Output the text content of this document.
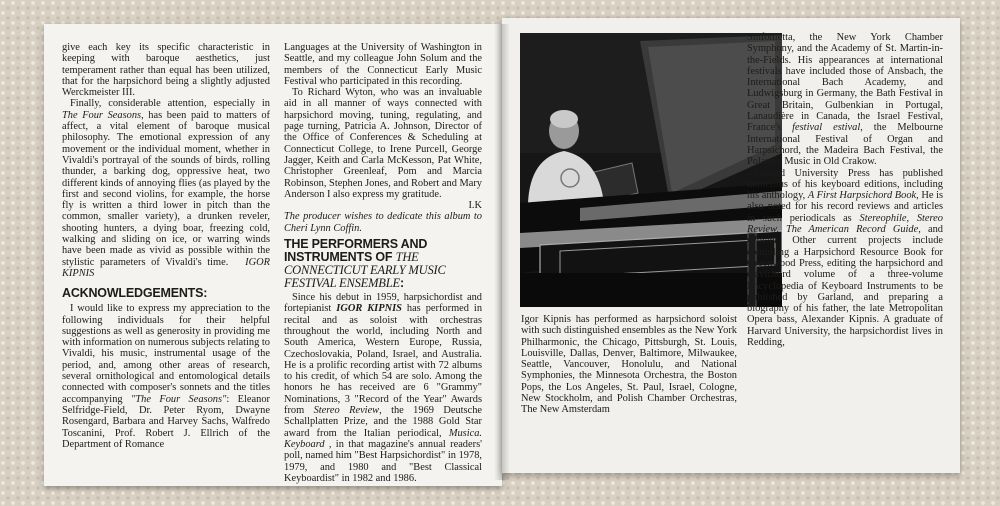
give each key its specific characteristic in keeping with baroque aesthetics, just temperament rather than equal has been utilized, that for the harpsichord being a slightly adjusted Werckmeister III.

Finally, considerable attention, especially in The Four Seasons, has been paid to matters of affect, a vital element of baroque musical philosophy. The emotional expression of any movement or the individual moment, whether in Vivaldi's portrayal of the sounds of birds, rolling thunder, a barking dog, oppressive heat, two different kinds of annoying flies (as played by the first and second violins, for example, the horse fly is written a third lower in pitch than the common, smaller variety), a drunken reveler, shooting hunters, a dying boar, freezing cold, walking and sliding on ice, or warring winds have been made as vivid as possible within the stylistic parameters of Vivaldi's time. IGOR KIPNIS

ACKNOWLEDGEMENTS:

I would like to express my appreciation to the following individuals for their helpful suggestions as well as generosity in providing me with information on numerous subjects relating to Vivaldi, his music, instrumental usage of the period, and, among other areas of research, several ornithological and entomological details connected with composer's sonnets and the titles accompanying "The Four Seasons": Eleanor Selfridge-Field, Dr. Peter Ryom, Dwayne Rosengard, Barbara and Harvey Sachs, Walfredo Toscanini, Prof. Robert J. Ellrich of the Department of Romance

Languages at the University of Washington in Seattle, and my colleague John Solum and the members of the Connecticut Early Music Festival who participated in this recording.

To Richard Wyton, who was an invaluable aid in all manner of ways connected with harpsichord moving, tuning, regulating, and page turning, Patricia A. Johnson, Director of the Office of Conferences & Scheduling at Connecticut College, to Irene Purcell, George Jagger, Keith and Carla McKesson, Pat White, Christopher Greenleaf, Pom and Marcia Robinson, Stephen Jones, and Robert and Mary Anderson I also express my gratitude.

I.K

The producer wishes to dedicate this album to Cheri Lynn Coffin.

THE PERFORMERS AND INSTRUMENTS OF THE CONNECTICUT EARLY MUSIC FESTIVAL ENSEMBLE:

Since his debut in 1959, harpsichordist and fortepianist IGOR KIPNIS has performed in recital and as soloist with orchestras throughout the world, including North and South America, Western Europe, Russia, Czechoslovakia, Poland, Israel, and Australia. He is a prolific recording artist with 72 albums to his credit, of which 54 are solo. Among the honors he has received are 6 "Grammy" Nominations, 3 "Record of the Year" Awards from Stereo Review, the 1969 Deutsche Schallplatten Prize, and the 1988 Gold Star award from the Italian periodical, Musica. Keyboard , in that magazine's annual readers' poll, named him "Best Harpsichordist" in 1978, 1979, and 1980 and "Best Classical Keyboardist" in 1982 and 1986.

Igor Kipnis has performed as harpsichord soloist with such distinguished ensembles as the New York Philharmonic, the Chicago, Pittsburgh, St. Louis, Louisville, Dallas, Denver, Baltimore, Milwaukee, Seattle, Vancouver, Honolulu, and National Symphonies, the Minnesota Orchestra, the Boston Pops, the Los Angeles, St. Paul, Israel, Cologne, New Stockholm, and Polish Chamber Orchestras, The New Amsterdam

Sinfonietta, the New York Chamber Symphony, and the Academy of St. Martin-in-the-Fields. His appearances at international festivals have included those of Ansbach, the International Bach Academy, and Ludwigsburg in Germany, the Bath Festival in Great Britain, Gulbenkian in Portugal, Lanaudière in Canada, the Israel Festival, France's festival estival, the Melbourne International Festival of Organ and Harpsichord, the Madeira Bach Festival, the Poland's Music in Old Crakow.

Oxford University Press has published numerous of his keyboard editions, including his anthology, A First Harpsichord Book, He is also noted for his record reviews and articles in such periodicals as Stereophile, Stereo Review, The American Record Guide, and Clavier. Other current projects include compiling a Harpsichord Resource Book for Greenwood Press, editing the harpsichord and clavichord volume of a three-volume Encyclopedia of Keyboard Instruments to be published by Garland, and preparing a biography of his father, the late Metropolitan Opera bass, Alexander Kipnis. A graduate of Harvard University, the harpsichordist lives in Redding,
